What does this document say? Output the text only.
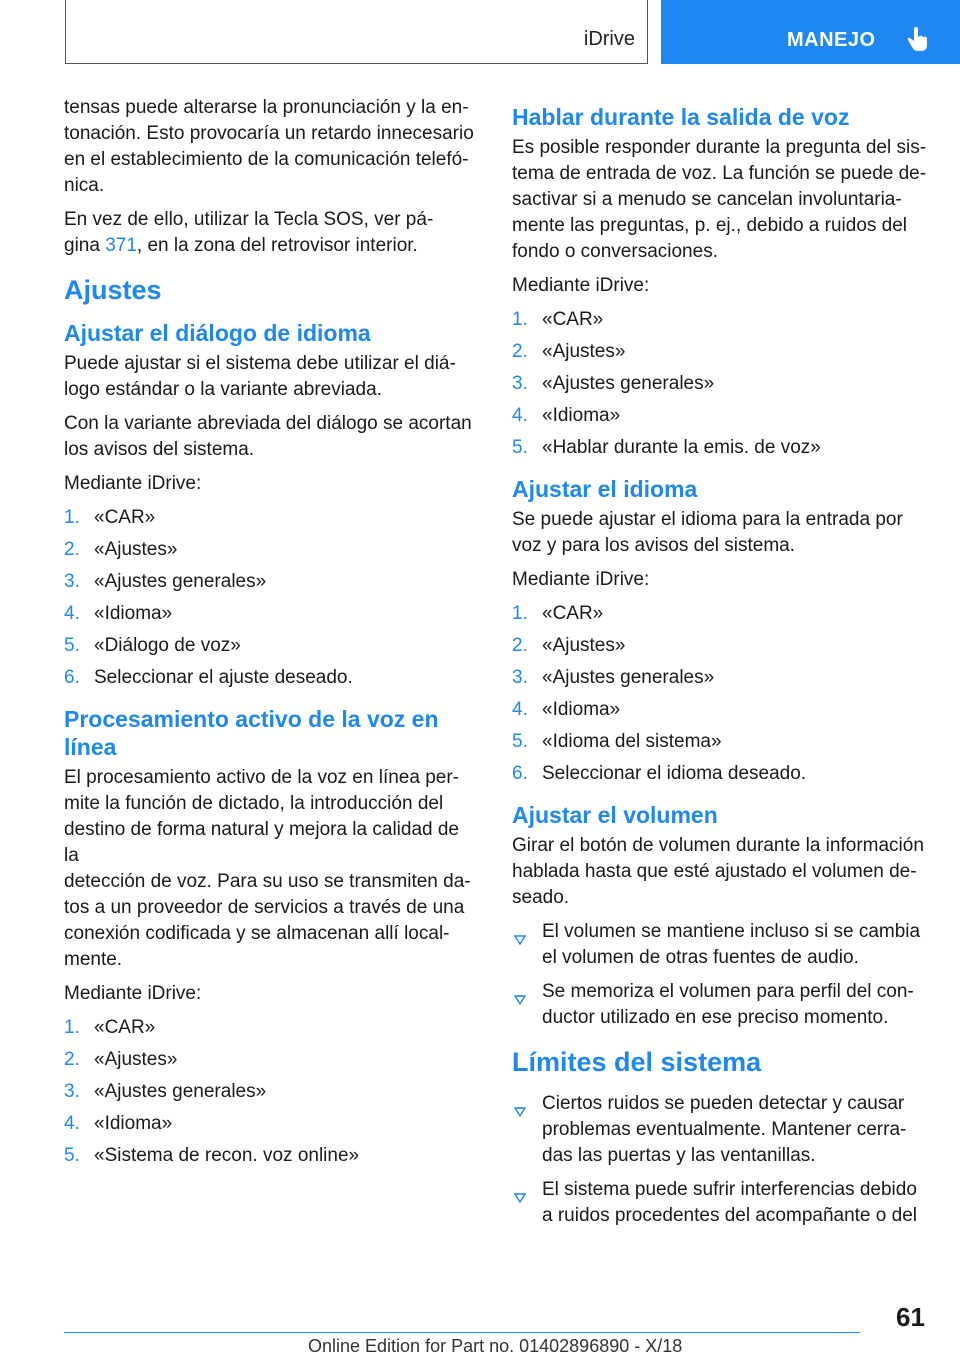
iDrive	MANEJO

tensas puede alterarse la pronunciación y la en‐
tonación. Esto provocaría un retardo innecesario
en el establecimiento de la comunicación telefó‐
nica.

En vez de ello, utilizar la Tecla SOS, ver pá‐
gina 371, en la zona del retrovisor interior.

Ajustes
Ajustar el diálogo de idioma

Puede ajustar si el sistema debe utilizar el diá‐
logo estándar o la variante abreviada.

Con la variante abreviada del diálogo se acortan
los avisos del sistema.

Mediante iDrive:

1. «CAR»
2. «Ajustes»
3. «Ajustes generales»
4. «Idioma»
5. «Diálogo de voz»
6. Seleccionar el ajuste deseado.
Procesamiento activo de la voz en
línea

El procesamiento activo de la voz en línea per‐
mite la función de dictado, la introducción del
destino de forma natural y mejora la calidad de la
detección de voz. Para su uso se transmiten da‐
tos a un proveedor de servicios a través de una
conexión codificada y se almacenan allí local‐
mente.

Mediante iDrive:

1. «CAR»
2. «Ajustes»
3. «Ajustes generales»
4. «Idioma»
5. «Sistema de recon. voz online»
Hablar durante la salida de voz

Es posible responder durante la pregunta del sis‐
tema de entrada de voz. La función se puede de‐
sactivar si a menudo se cancelan involuntaria‐
mente las preguntas, p. ej., debido a ruidos del
fondo o conversaciones.

Mediante iDrive:

1. «CAR»
2. «Ajustes»
3. «Ajustes generales»
4. «Idioma»
5. «Hablar durante la emis. de voz»
Ajustar el idioma

Se puede ajustar el idioma para la entrada por
voz y para los avisos del sistema.

Mediante iDrive:

1. «CAR»
2. «Ajustes»
3. «Ajustes generales»
4. «Idioma»
5. «Idioma del sistema»
6. Seleccionar el idioma deseado.
Ajustar el volumen

Girar el botón de volumen durante la información
hablada hasta que esté ajustado el volumen de‐
seado.

El volumen se mantiene incluso si se cambia
el volumen de otras fuentes de audio.
Se memoriza el volumen para perfil del con‐
ductor utilizado en ese preciso momento.
Límites del sistema
Ciertos ruidos se pueden detectar y causar
problemas eventualmente. Mantener cerra‐
das las puertas y las ventanillas.
El sistema puede sufrir interferencias debido
a ruidos procedentes del acompañante o del
61
Online Edition for Part no. 01402896890 - X/18
